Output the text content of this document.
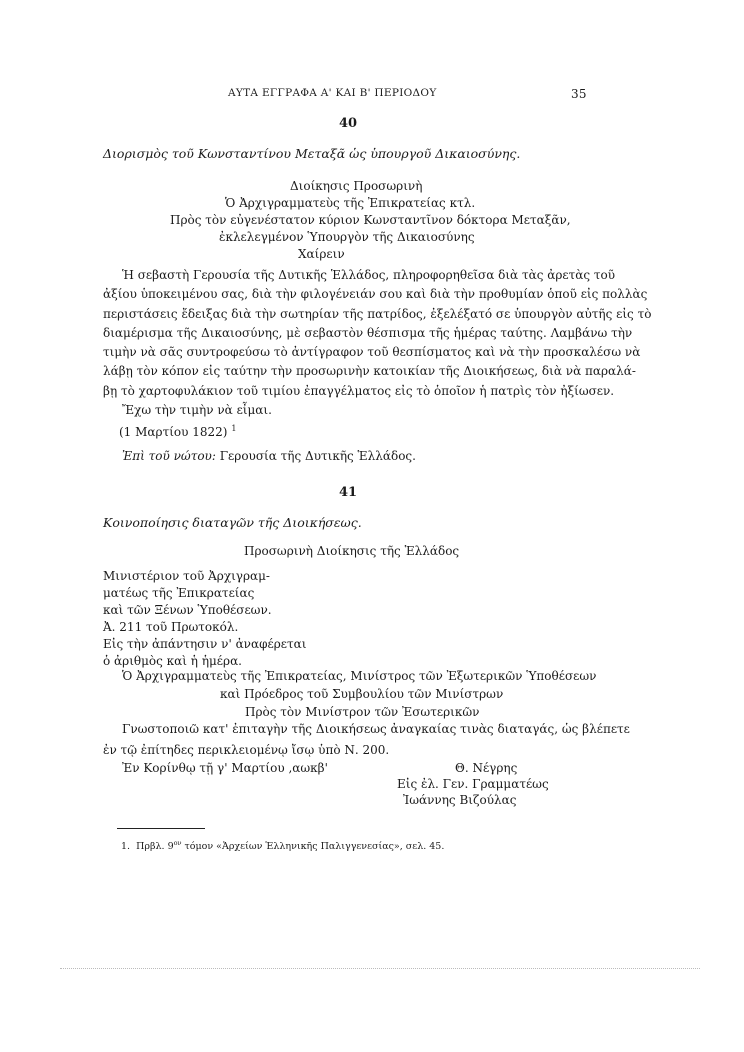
ΑΥΤΑ ΕΓΓΡΑΦΑ Α' ΚΑΙ Β' ΠΕΡΙΟΔΟΥ	35
40
Διορισμὸς τοῦ Κωνσταντίνου Μεταξᾶ ὡς ὑπουργοῦ Δικαιοσύνης.
Διοίκησις Προσωρινὴ
Ὁ Ἀρχιγραμματεὺς τῆς Ἐπικρατείας κτλ.
Πρὸς τὸν εὐγενέστατον κύριον Κωνσταντῖνον δόκτορα Μεταξᾶν,
ἐκλελεγμένον Ὑπουργὸν τῆς Δικαιοσύνης
Χαίρειν
Ἡ σεβαστὴ Γερουσία τῆς Δυτικῆς Ἑλλάδος, πληροφορηθεῖσα διὰ τὰς ἀρετὰς τοῦ
ἀξίου ὑποκειμένου σας, διὰ τὴν φιλογένειάν σου καὶ διὰ τὴν προθυμίαν ὁποῦ εἰς πολλὰς
περιστάσεις ἔδειξας διὰ τὴν σωτηρίαν τῆς πατρίδος, ἐξελέξατό σε ὑπουργὸν αὐτῆς εἰς τὸ
διαμέρισμα τῆς Δικαιοσύνης, μὲ σεβαστὸν θέσπισμα τῆς ἡμέρας ταύτης. Λαμβάνω τὴν
τιμὴν νὰ σᾶς συντροφεύσω τὸ ἀντίγραφον τοῦ θεσπίσματος καὶ νὰ τὴν προσκαλέσω νὰ
λάβῃ τὸν κόπον εἰς ταύτην τὴν προσωρινὴν κατοικίαν τῆς Διοικήσεως, διὰ νὰ παραλά-
βῃ τὸ χαρτοφυλάκιον τοῦ τιμίου ἐπαγγέλματος εἰς τὸ ὁποῖον ἡ πατρὶς τὸν ἠξίωσεν.
Ἔχω τὴν τιμὴν νὰ εἶμαι.
(1 Μαρτίου 1822) $^1$
Ἐπὶ τοῦ νώτου: Γερουσία τῆς Δυτικῆς Ἑλλάδος.
41
Κοινοποίησις διαταγῶν τῆς Διοικήσεως.
Προσωρινὴ Διοίκησις τῆς Ἑλλάδος
Μινιστέριον τοῦ Ἀρχιγραμ-
ματέως τῆς Ἐπικρατείας
καὶ τῶν Ξένων Ὑποθέσεων.
Ἀ. 211 τοῦ Πρωτοκόλ.
Εἰς τὴν ἀπάντησιν ν' ἀναφέρεται
ὁ ἀριθμὸς καὶ ἡ ἡμέρα.
Ὁ Ἀρχιγραμματεὺς τῆς Ἐπικρατείας, Μινίστρος τῶν Ἐξωτερικῶν Ὑποθέσεων
καὶ Πρόεδρος τοῦ Συμβουλίου τῶν Μινίστρων
Πρὸς τὸν Μινίστρον τῶν Ἐσωτερικῶν
Γνωστοποιῶ κατ' ἐπιταγὴν τῆς Διοικήσεως ἀναγκαίας τινὰς διαταγάς, ὡς βλέπετε
ἐν τῷ ἐπίτηδες περικλειομένῳ ἴσῳ ὑπὸ Ν. 200.
Ἐν Κορίνθῳ τῇ γ' Μαρτίου ,αωκβ'	Θ. Νέγρης
Εἰς ἐλ. Γεν. Γραμματέως
Ἰωάννης Βιζούλας
1. Πρβλ. $9^{o\nu}$ τόμον «Ἀρχείων Ἑλληνικῆς Παλιγγενεσίας», σελ. 45.
